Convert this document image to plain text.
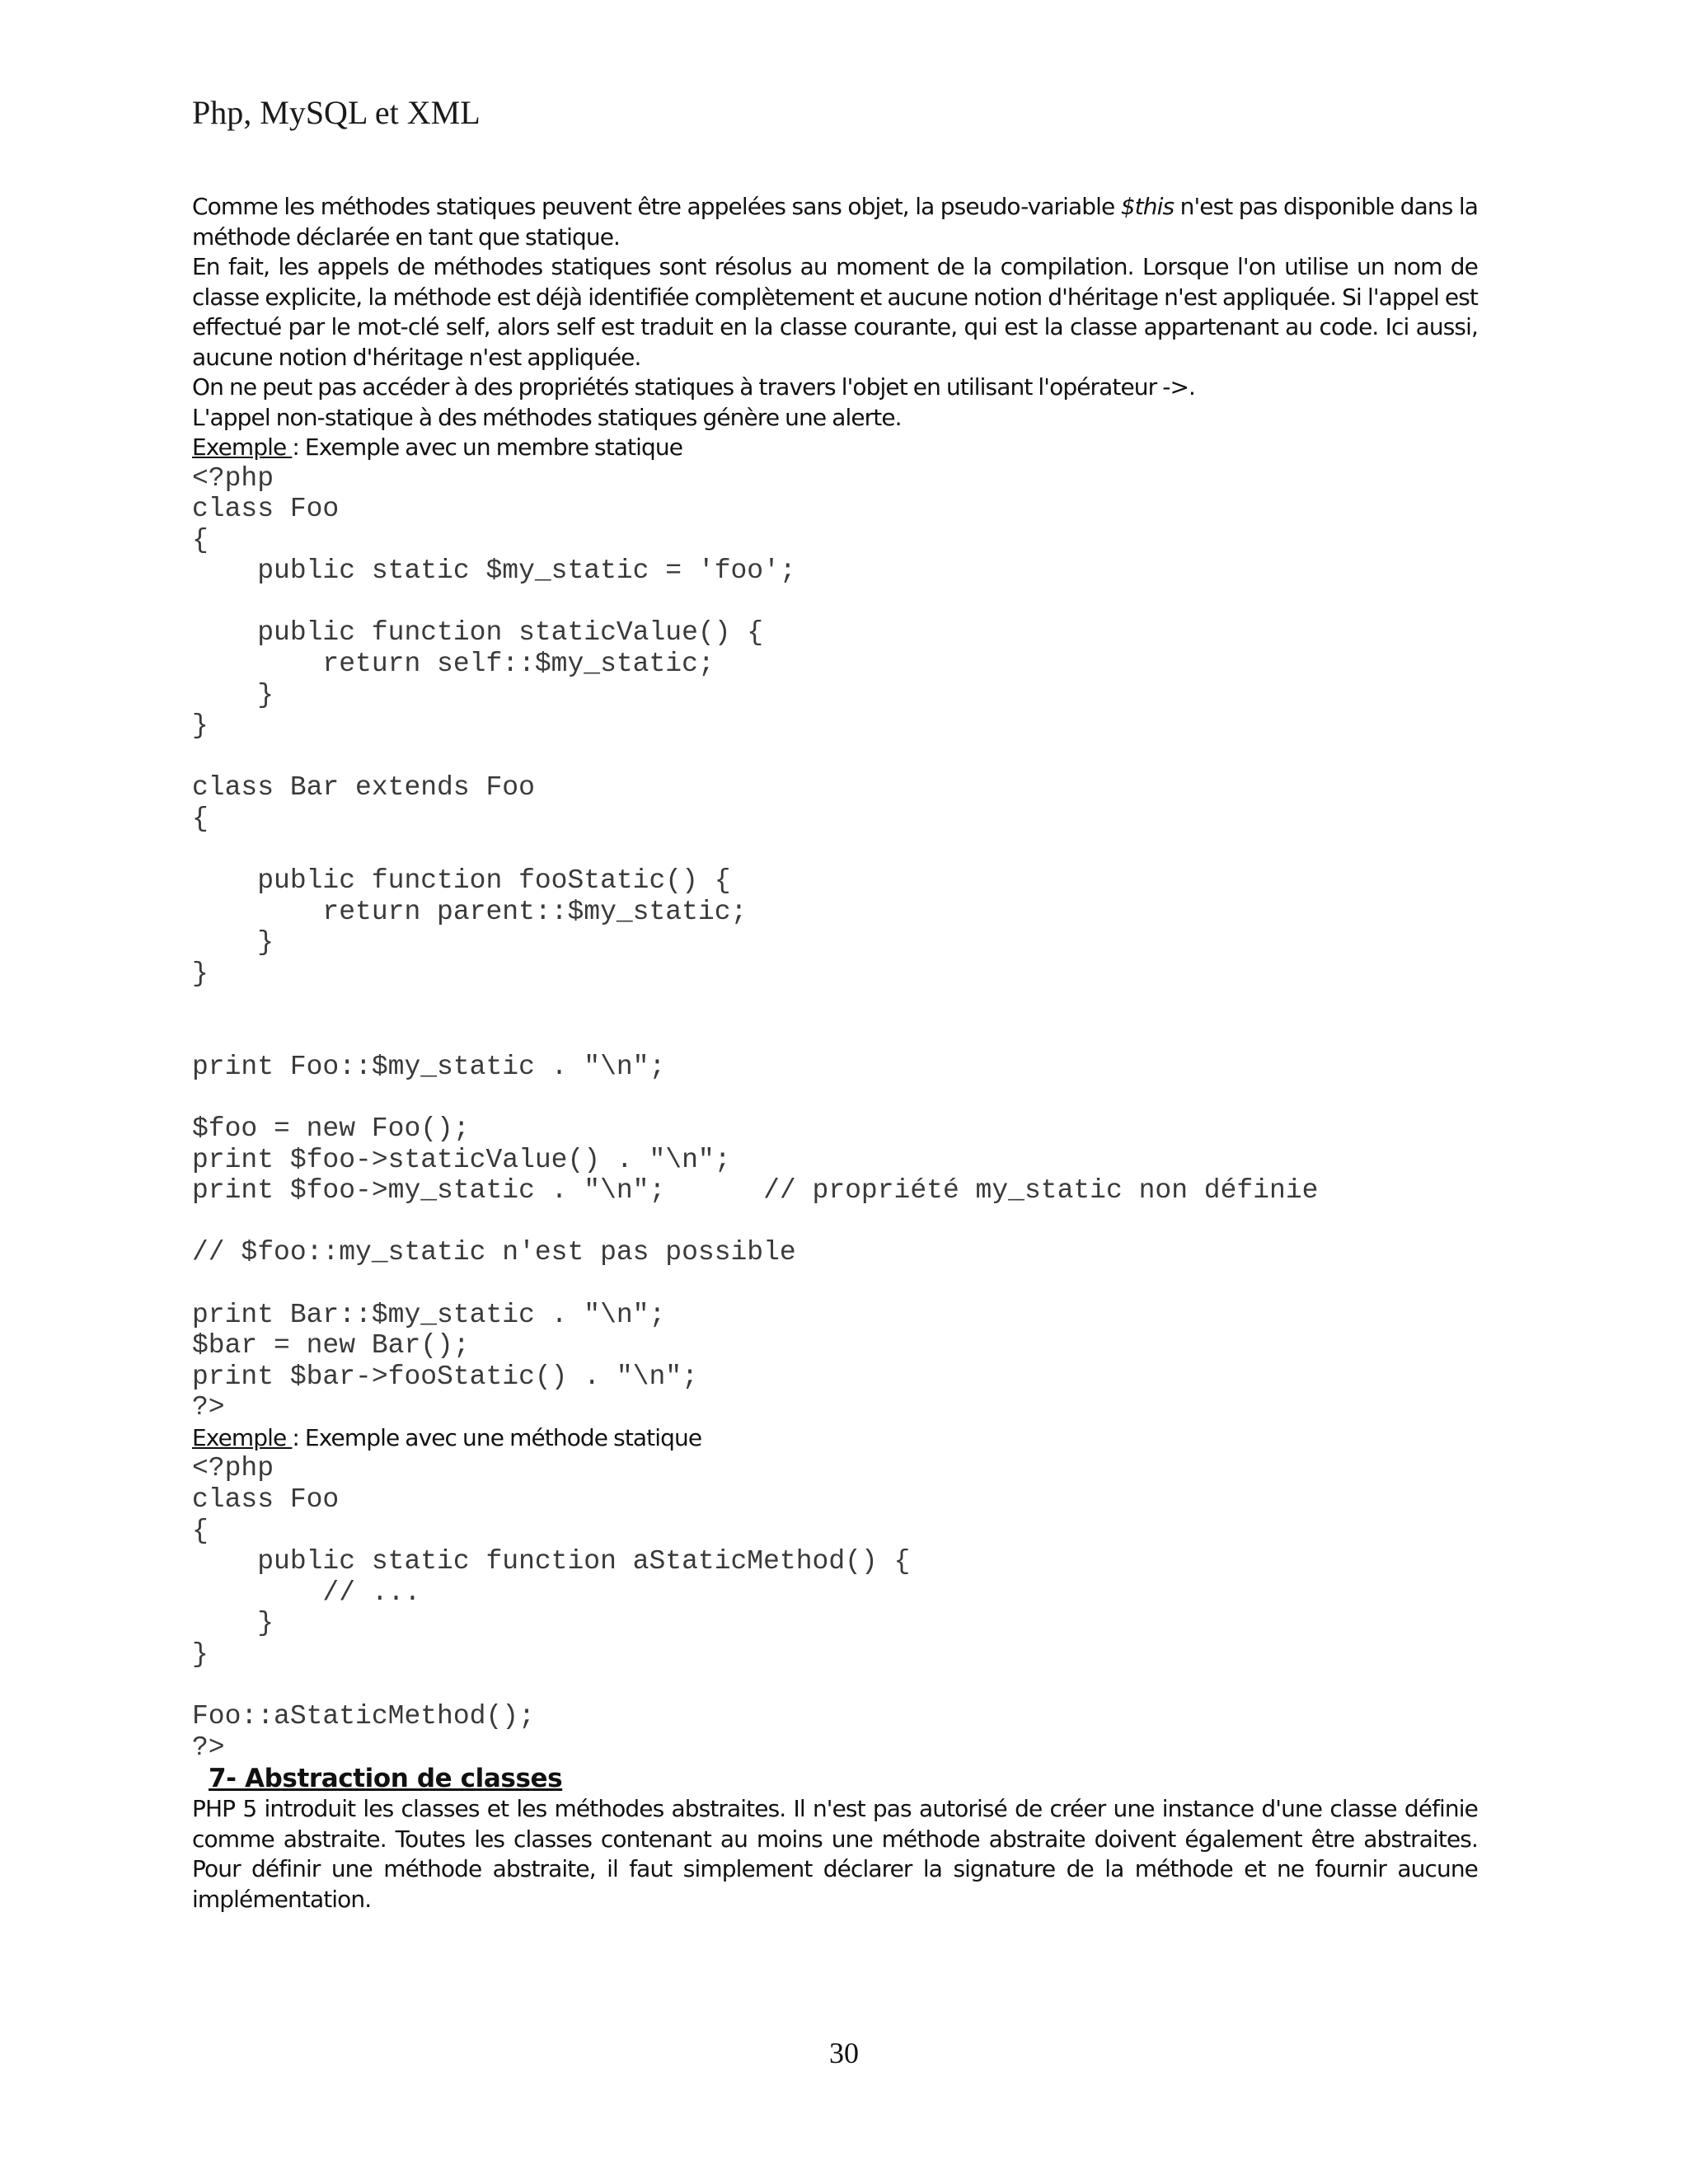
Php, MySQL et XML

Comme les méthodes statiques peuvent être appelées sans objet, la pseudo-variable $this n'est pas disponible dans la méthode déclarée en tant que statique.

En fait, les appels de méthodes statiques sont résolus au moment de la compilation. Lorsque l'on utilise un nom de classe explicite, la méthode est déjà identifiée complètement et aucune notion d'héritage n'est appliquée. Si l'appel est effectué par le mot-clé self, alors self est traduit en la classe courante, qui est la classe appartenant au code. Ici aussi, aucune notion d'héritage n'est appliquée.

On ne peut pas accéder à des propriétés statiques à travers l'objet en utilisant l'opérateur ->.

L'appel non-statique à des méthodes statiques génère une alerte.

Exemple : Exemple avec un membre statique

<?php
class Foo
{
public static $my_static = 'foo';
public function staticValue() {
return self::$my_static;
}
}
class Bar extends Foo
{
public function fooStatic() {
return parent::$my_static;
}
}
print Foo::$my_static . "\n";
$foo = new Foo();
print $foo->staticValue() . "\n";
print $foo->my_static . "\n";      // propriété my_static non définie
// $foo::my_static n'est pas possible
print Bar::$my_static . "\n";
$bar = new Bar();
print $bar->fooStatic() . "\n";
?>

Exemple : Exemple avec une méthode statique

<?php
class Foo
{
public static function aStaticMethod() {
// ...
}
}
Foo::aStaticMethod();
?>

7- Abstraction de classes

PHP 5 introduit les classes et les méthodes abstraites. Il n'est pas autorisé de créer une instance d'une classe définie comme abstraite. Toutes les classes contenant au moins une méthode abstraite doivent également être abstraites. Pour définir une méthode abstraite, il faut simplement déclarer la signature de la méthode et ne fournir aucune implémentation.

30
